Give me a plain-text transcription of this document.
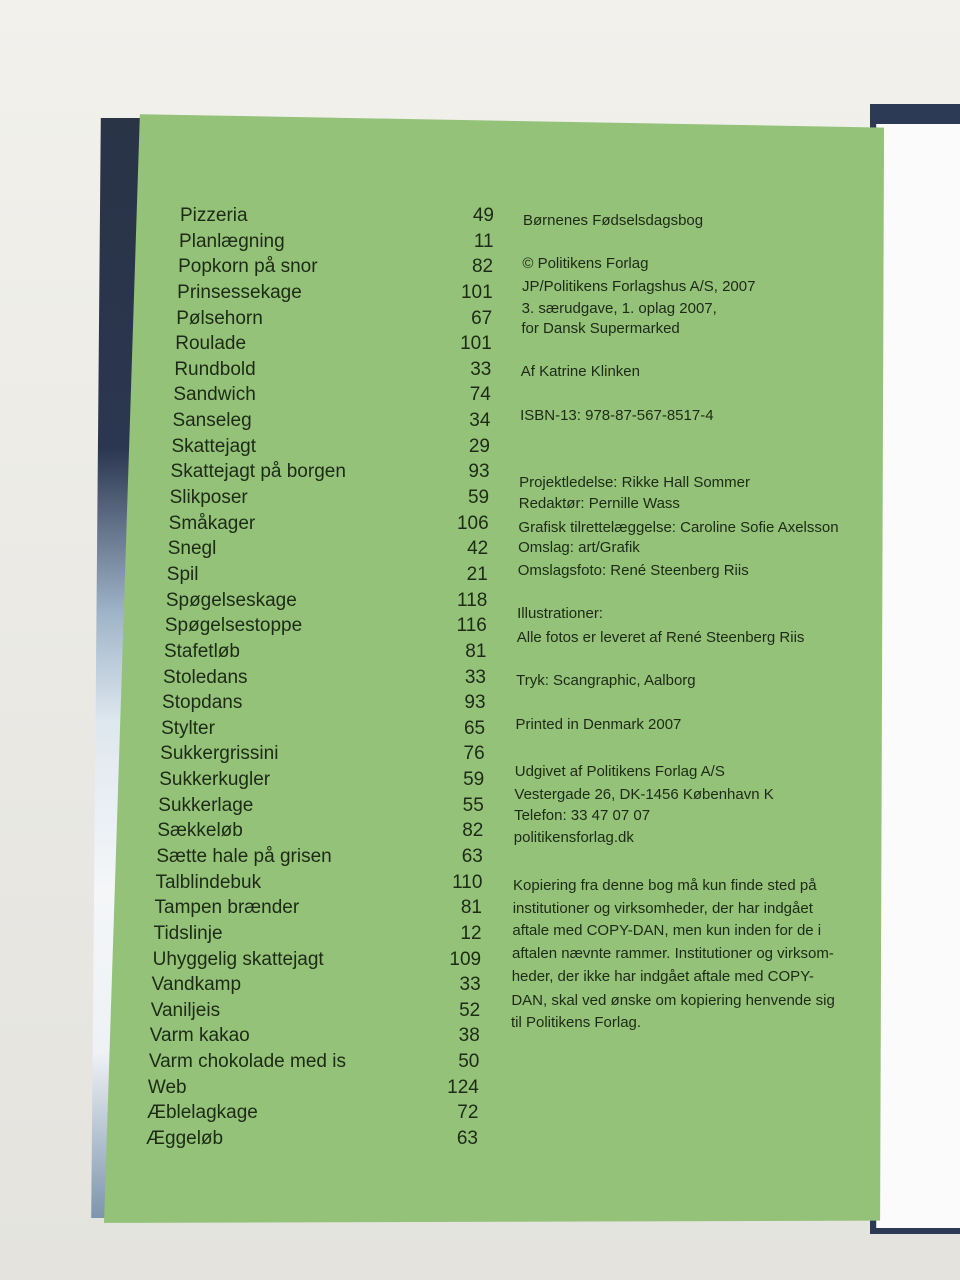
Pizzeria	49
Planlægning	11
Popkorn på snor	82
Prinsessekage	101
Pølsehorn	67
Roulade	101
Rundbold	33
Sandwich	74
Sanseleg	34
Skattejagt	29
Skattejagt på borgen	93
Slikposer	59
Småkager	106
Snegl	42
Spil	21
Spøgelseskage	118
Spøgelsestoppe	116
Stafetløb	81
Stoledans	33
Stopdans	93
Stylter	65
Sukkergrissini	76
Sukkerkugler	59
Sukkerlage	55
Sækkeløb	82
Sætte hale på grisen	63
Talblindebuk	110
Tampen brænder	81
Tidslinje	12
Uhyggelig skattejagt	109
Vandkamp	33
Vaniljeis	52
Varm kakao	38
Varm chokolade med is	50
Web	124
Æblelagkage	72
Æggeløb	63
Børnenes Fødselsdagsbog
© Politikens Forlag
JP/Politikens Forlagshus A/S, 2007
3. særudgave, 1. oplag 2007,
for Dansk Supermarked
Af Katrine Klinken
ISBN-13: 978-87-567-8517-4
Projektledelse: Rikke Hall Sommer
Redaktør: Pernille Wass
Grafisk tilrettelæggelse: Caroline Sofie Axelsson
Omslag: art/Grafik
Omslagsfoto: René Steenberg Riis
Illustrationer:
Alle fotos er leveret af René Steenberg Riis
Tryk: Scangraphic, Aalborg
Printed in Denmark 2007
Udgivet af Politikens Forlag A/S
Vestergade 26, DK-1456 København K
Telefon: 33 47 07 07
politikensforlag.dk
Kopiering fra denne bog må kun finde sted på
institutioner og virksomheder, der har indgået
aftale med COPY-DAN, men kun inden for de i
aftalen nævnte rammer. Institutioner og virksom-
heder, der ikke har indgået aftale med COPY-
DAN, skal ved ønske om kopiering henvende sig
til Politikens Forlag.
